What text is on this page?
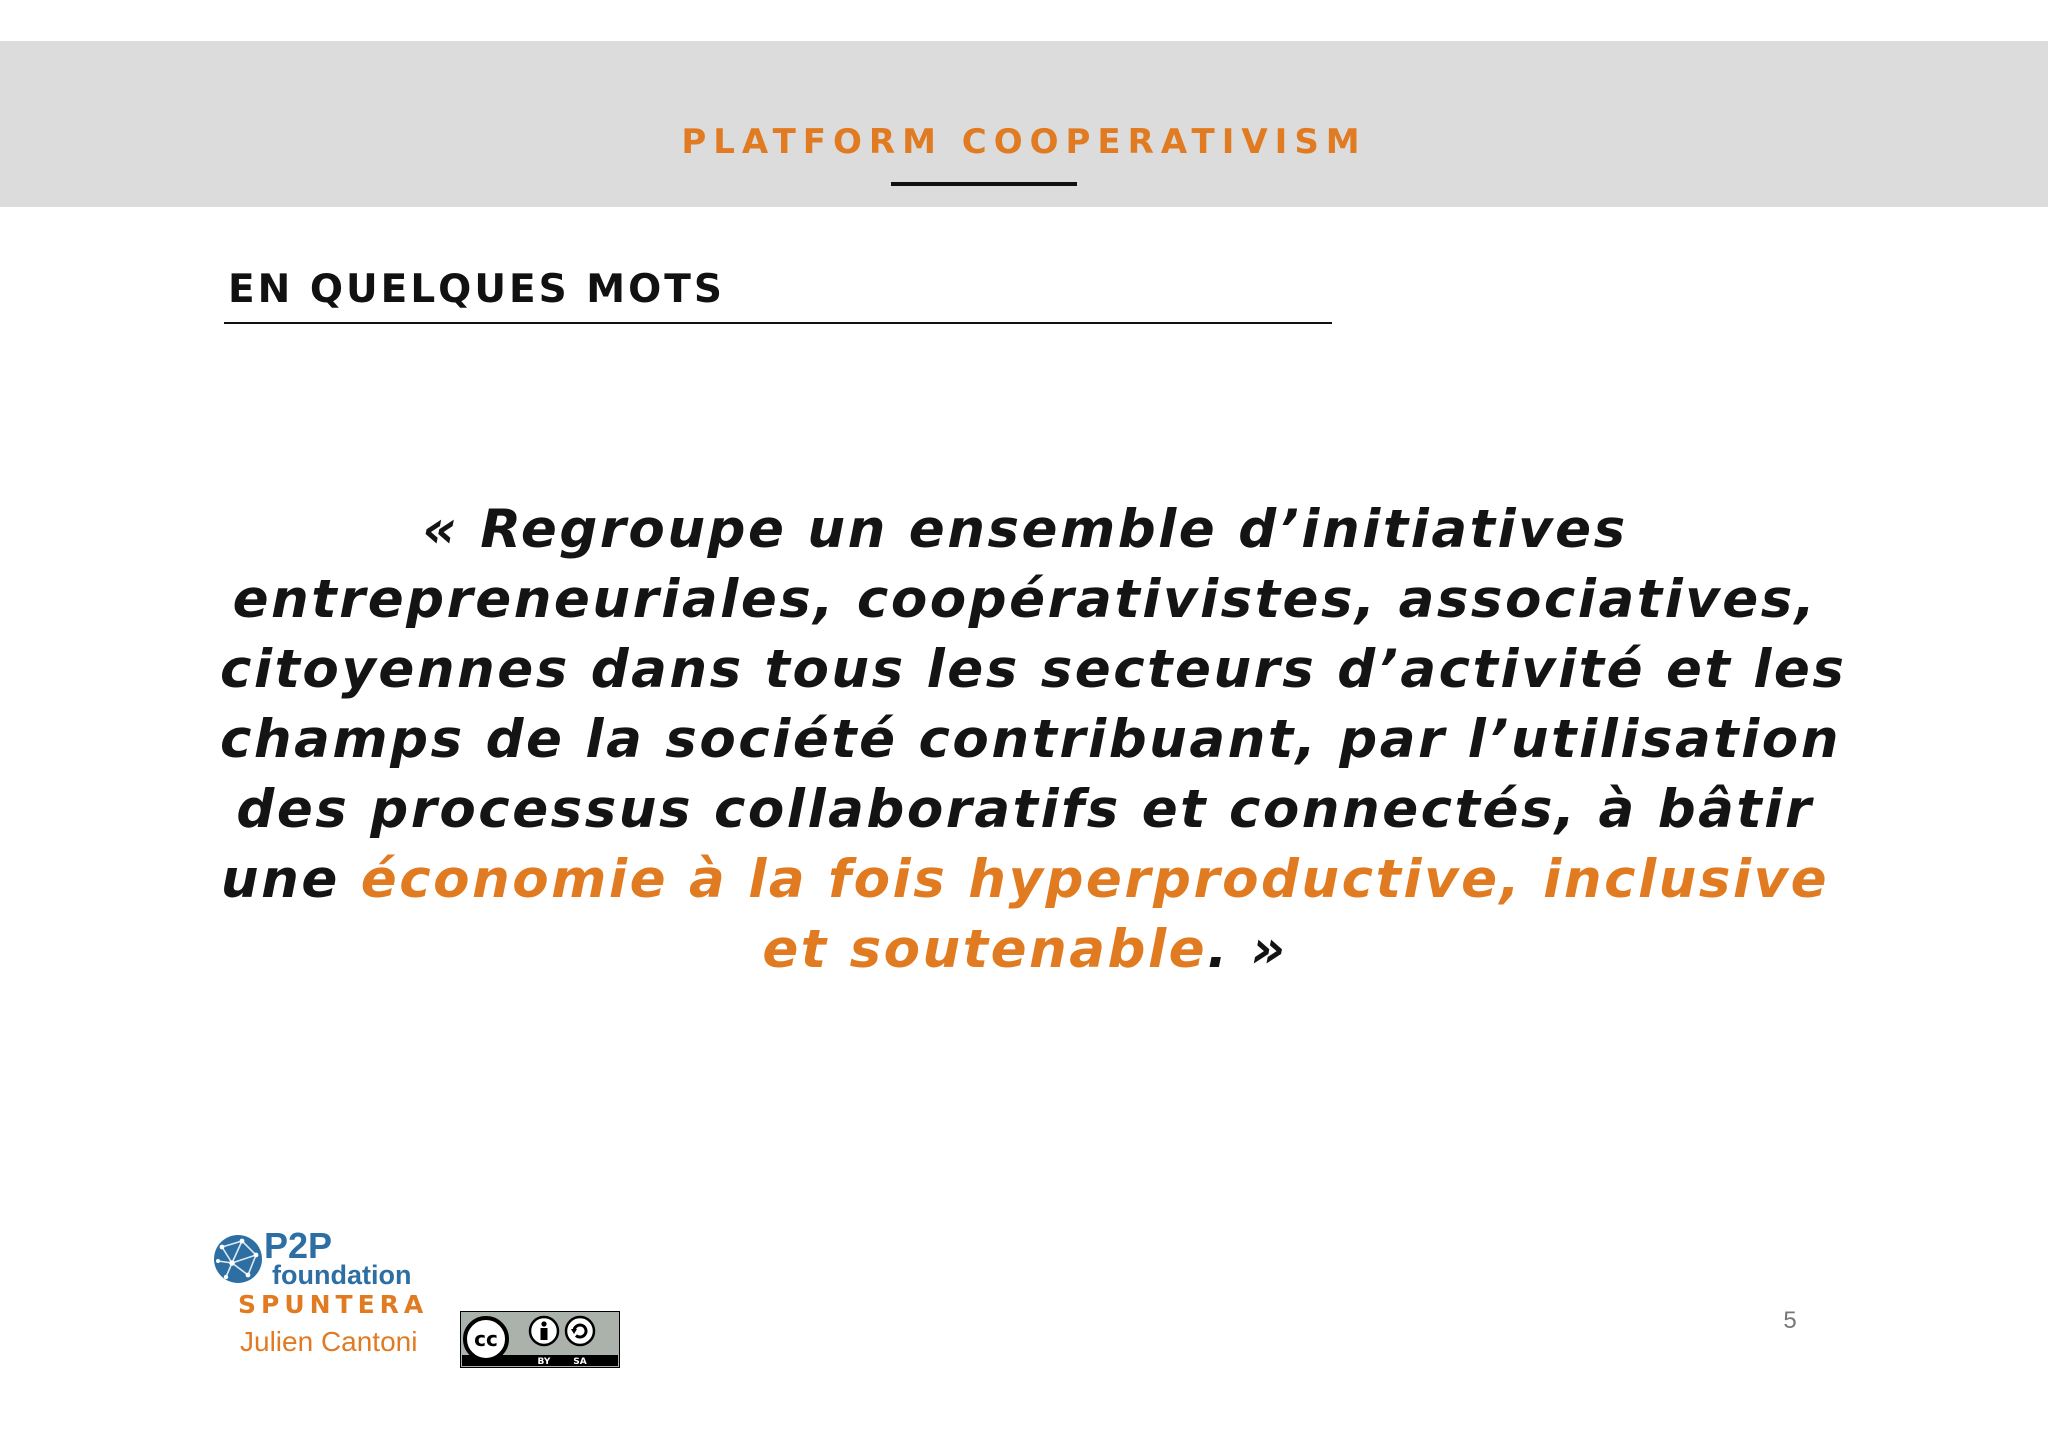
PLATFORM COOPERATIVISM
EN QUELQUES MOTS
« Regroupe un ensemble d’initiatives
entrepreneuriales, coopérativistes, associatives,
citoyennes dans tous les secteurs d’activité et les
champs de la société contribuant, par l’utilisation
des processus collaboratifs et connectés, à bâtir
une économie à la fois hyperproductive, inclusive
et soutenable. »
P2P
foundation
SPUNTERA
Julien Cantoni	cc
BY	SA
5
